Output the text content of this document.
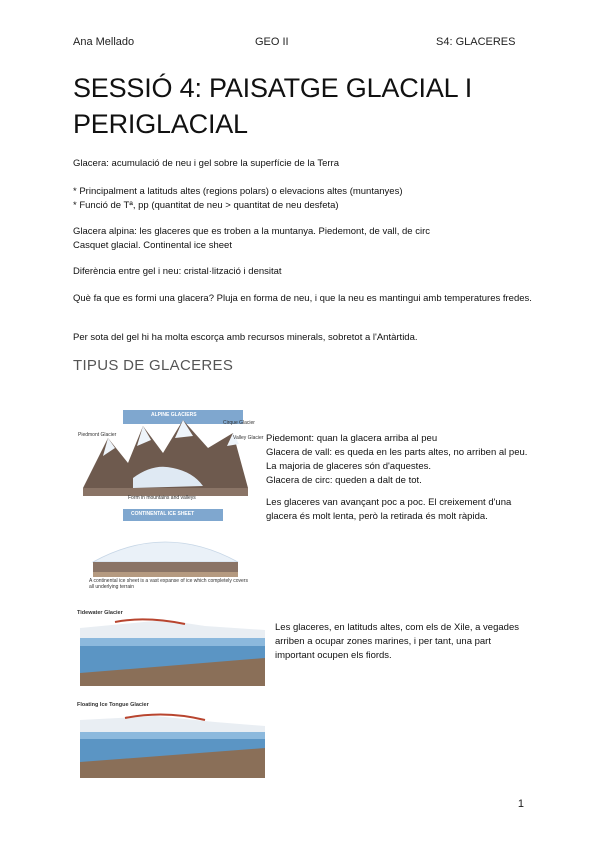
Ana Mellado	GEO II	S4: GLACERES
SESSIÓ 4: PAISATGE GLACIAL I PERIGLACIAL
Glacera: acumulació de neu i gel sobre la superfície de la Terra
* Principalment a latituds altes (regions polars) o elevacions altes (muntanyes)
* Funció de Tª, pp (quantitat de neu > quantitat de neu desfeta)
Glacera alpina: les glaceres que es troben a la muntanya. Piedemont, de vall, de circ
Casquet glacial. Continental ice sheet
Diferència entre gel i neu: cristal·lització i densitat
Què fa que es formi una glacera? Pluja en forma de neu, i que la neu es mantingui amb temperatures fredes.
Per sota del gel hi ha molta escorça amb recursos minerals, sobretot a l'Antàrtida.
TIPUS DE GLACERES
ALPINE GLACIERS
Cirque Glacier
Piedmont Glacier	Valley Glacier
Form in mountains and valleys
CONTINENTAL ICE SHEET
A continental ice sheet is a vast expanse of ice which completely covers all underlying terrain
Piedemont: quan la glacera arriba al peu
Glacera de vall: es queda en les parts altes, no arriben al peu. La majoria de glaceres són d'aquestes.
Glacera de circ: queden a dalt de tot.
Les glaceres van avançant poc a poc. El creixement d'una glacera és molt lenta, però la retirada és molt ràpida.
Tidewater Glacier
Floating Ice Tongue Glacier
Les glaceres, en latituds altes, com els de Xile, a vegades arriben a ocupar zones marines, i per tant, una part important ocupen els fiords.
1
